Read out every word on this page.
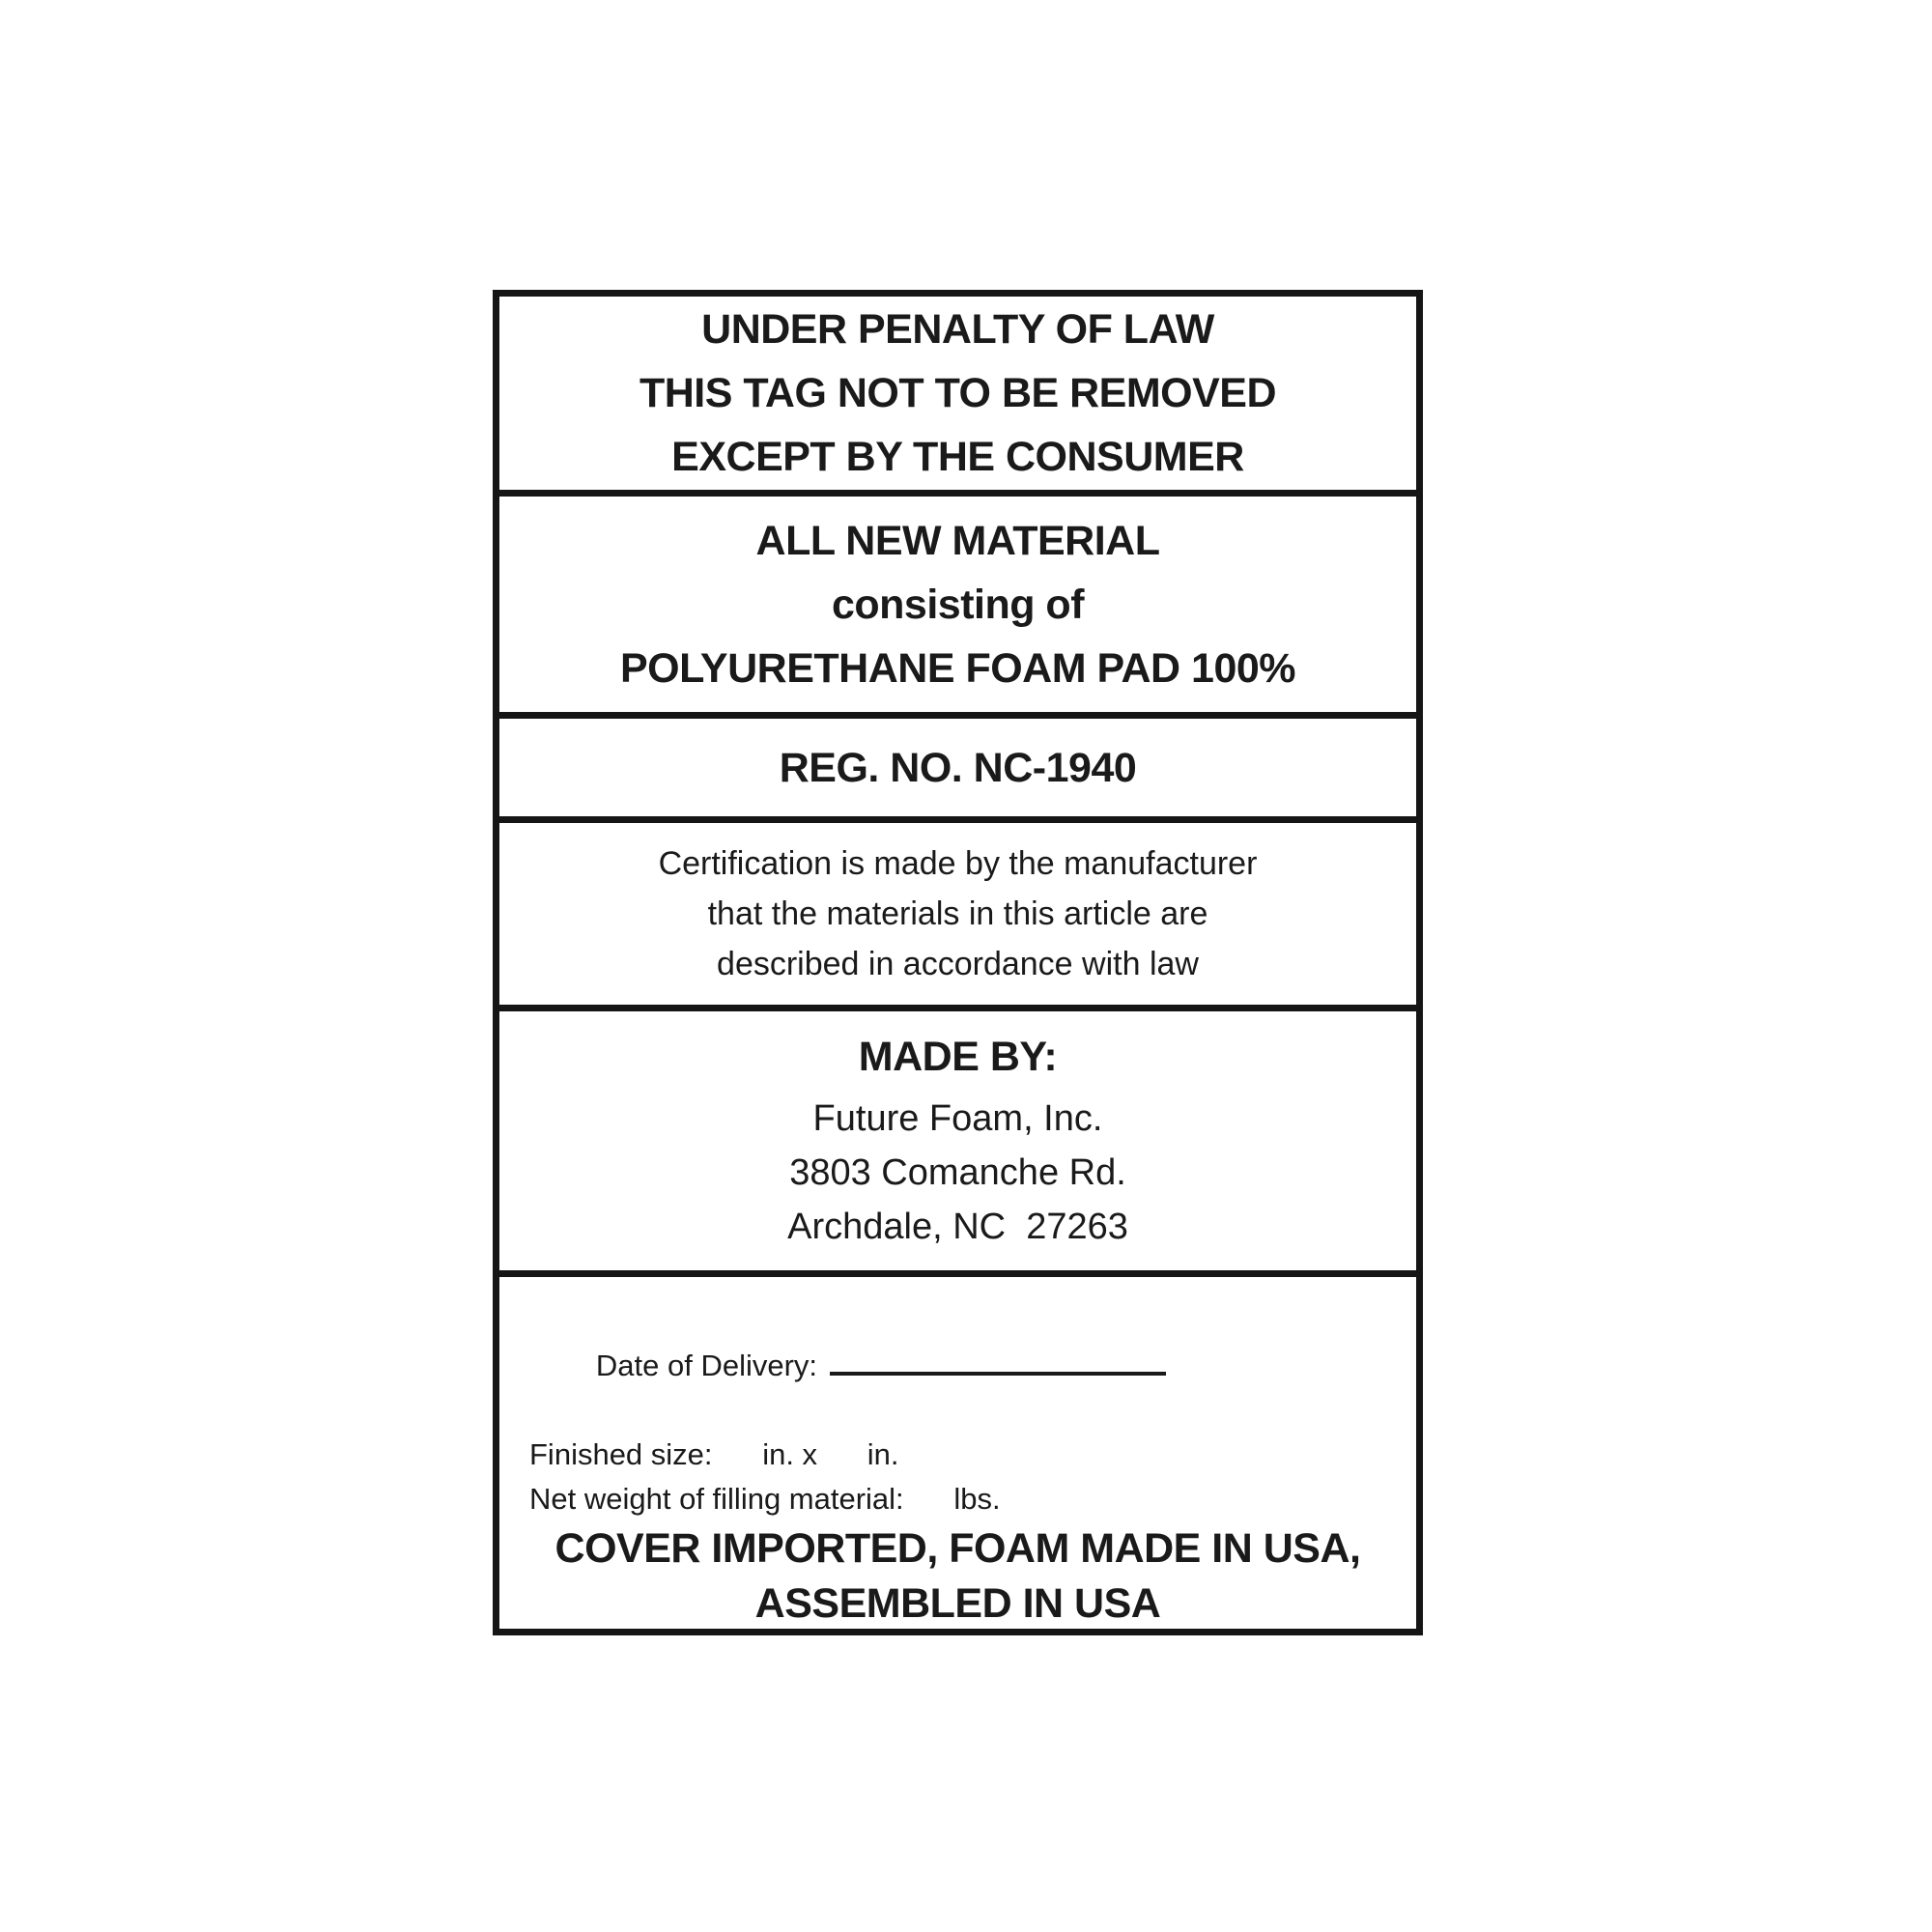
UNDER PENALTY OF LAW
THIS TAG NOT TO BE REMOVED
EXCEPT BY THE CONSUMER
ALL NEW MATERIAL
consisting of
POLYURETHANE FOAM PAD 100%
REG. NO. NC-1940
Certification is made by the manufacturer
that the materials in this article are
described in accordance with law
MADE BY:
Future Foam, Inc.
3803 Comanche Rd.
Archdale, NC  27263

Date of Delivery:

Finished size:      in. x      in.
Net weight of filling material:      lbs.
COVER IMPORTED, FOAM MADE IN USA,
ASSEMBLED IN USA
